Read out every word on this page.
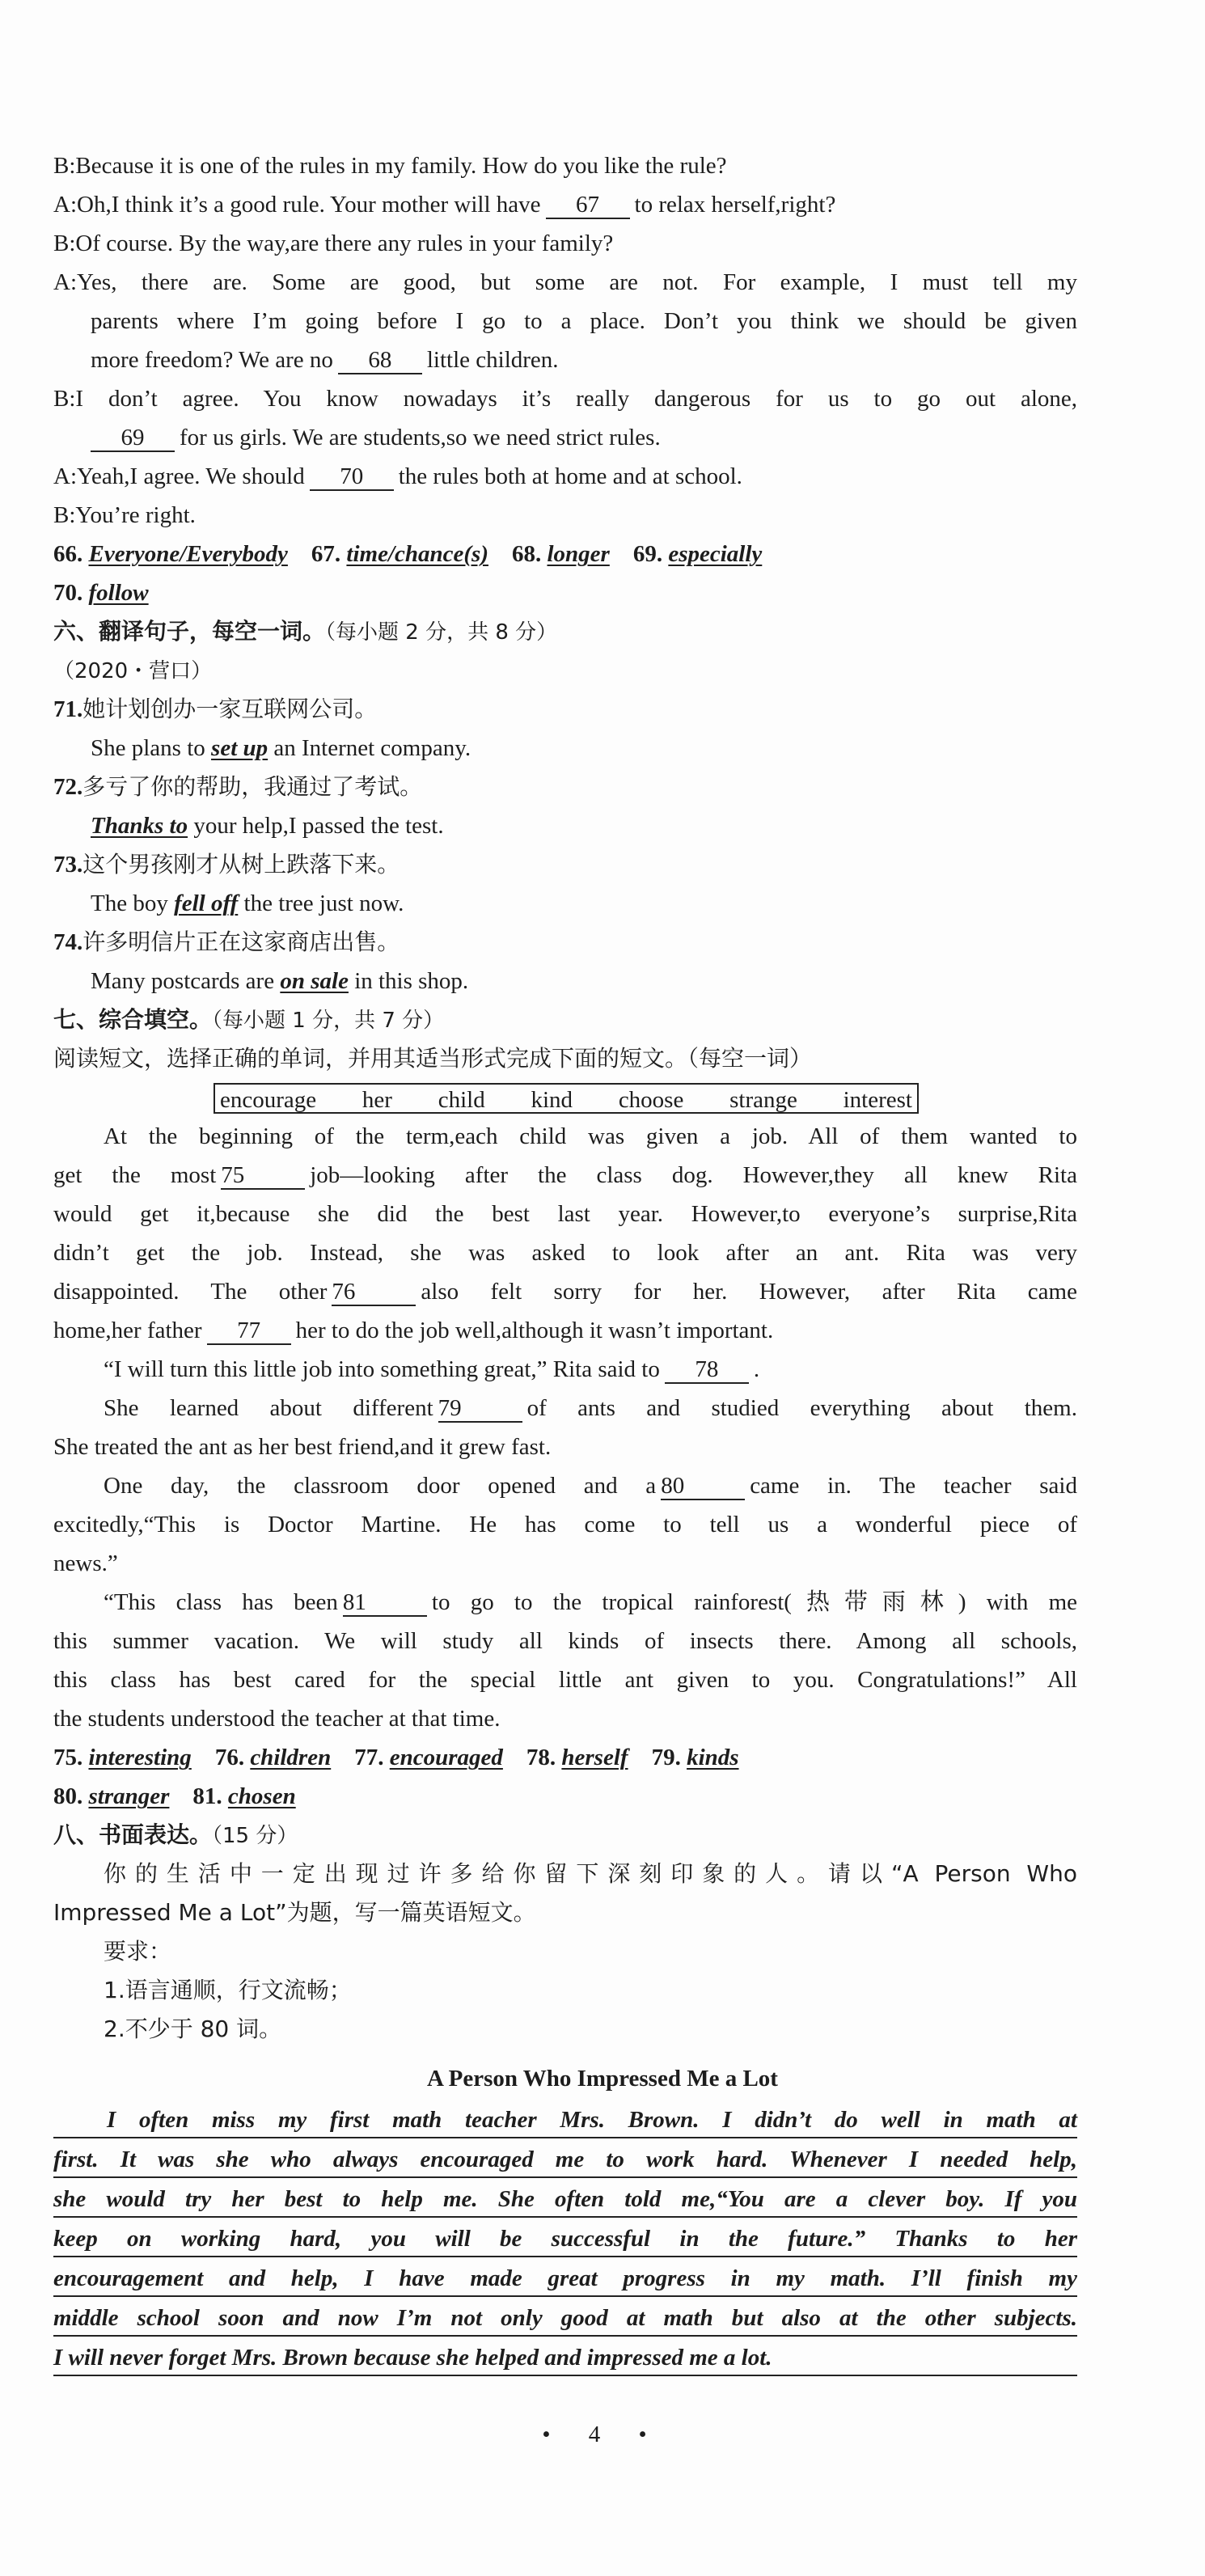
B:Because it is one of the rules in my family. How do you like the rule?
A:Oh,I think it’s a good rule. Your mother will have 67 to relax herself,right?
B:Of course. By the way,are there any rules in your family?
A:Yes, there are. Some are good, but some are not. For example, I must tell my
parents where I’m going before I go to a place. Don’t you think we should be given
more freedom? We are no 68 little children.
B:I don’t agree. You know nowadays it’s really dangerous for us to go out alone,
69 for us girls. We are students,so we need strict rules.
A:Yeah,I agree. We should 70 the rules both at home and at school.
B:You’re right.
66. Everyone/Everybody 67. time/chance(s) 68. longer 69. especially
70. follow
六、翻译句子，每空一词。（每小题 2 分，共 8 分）
（2020・营口）
71.她计划创办一家互联网公司。
She plans to set up an Internet company.
72.多亏了你的帮助，我通过了考试。
Thanks to your help,I passed the test.
73.这个男孩刚才从树上跌落下来。
The boy fell off the tree just now.
74.许多明信片正在这家商店出售。
Many postcards are on sale in this shop.
七、综合填空。（每小题 1 分，共 7 分）
阅读短文，选择正确的单词，并用其适当形式完成下面的短文。（每空一词）
encourage her child kind choose strange interest
At the beginning of the term,each child was given a job. All of them wanted to
get the most 75	job—looking after the class dog. However,they all knew Rita
would get it,because she did the best last year. However,to everyone’s surprise,Rita
didn’t get the job. Instead, she was asked to look after an ant. Rita was very
disappointed. The other 76	also felt sorry for her. However, after Rita came
home,her father 77 her to do the job well,although it wasn’t important.
“I will turn this little job into something great,” Rita said to 78 .
She learned about different 79	of ants and studied everything about them.
She treated the ant as her best friend,and it grew fast.
One day, the classroom door opened and a 80	came in. The teacher said
excitedly,“This is Doctor Martine. He has come to tell us a wonderful piece of
news.”
“This class has been 81	to go to the tropical rainforest(热带雨林) with me
this summer vacation. We will study all kinds of insects there. Among all schools,
this class has best cared for the special little ant given to you. Congratulations!” All
the students understood the teacher at that time.
75. interesting 76. children 77. encouraged 78. herself 79. kinds
80. stranger 81. chosen
八、书面表达。（15 分）
你的生活中一定出现过许多给你留下深刻印象的人。请以“A Person Who
Impressed Me a Lot”为题，写一篇英语短文。
要求：
1.语言通顺，行文流畅；
2.不少于 80 词。
A Person Who Impressed Me a Lot
I often miss my first math teacher Mrs. Brown. I didn’t do well in math at
first. It was she who always encouraged me to work hard. Whenever I needed help,
she would try her best to help me. She often told me,“You are a clever boy. If you
keep on working hard, you will be successful in the future.” Thanks to her
encouragement and help, I have made great progress in my math. I’ll finish my
middle school soon and now I’m not only good at math but also at the other subjects.
I will never forget Mrs. Brown because she helped and impressed me a lot.
• 4 •
